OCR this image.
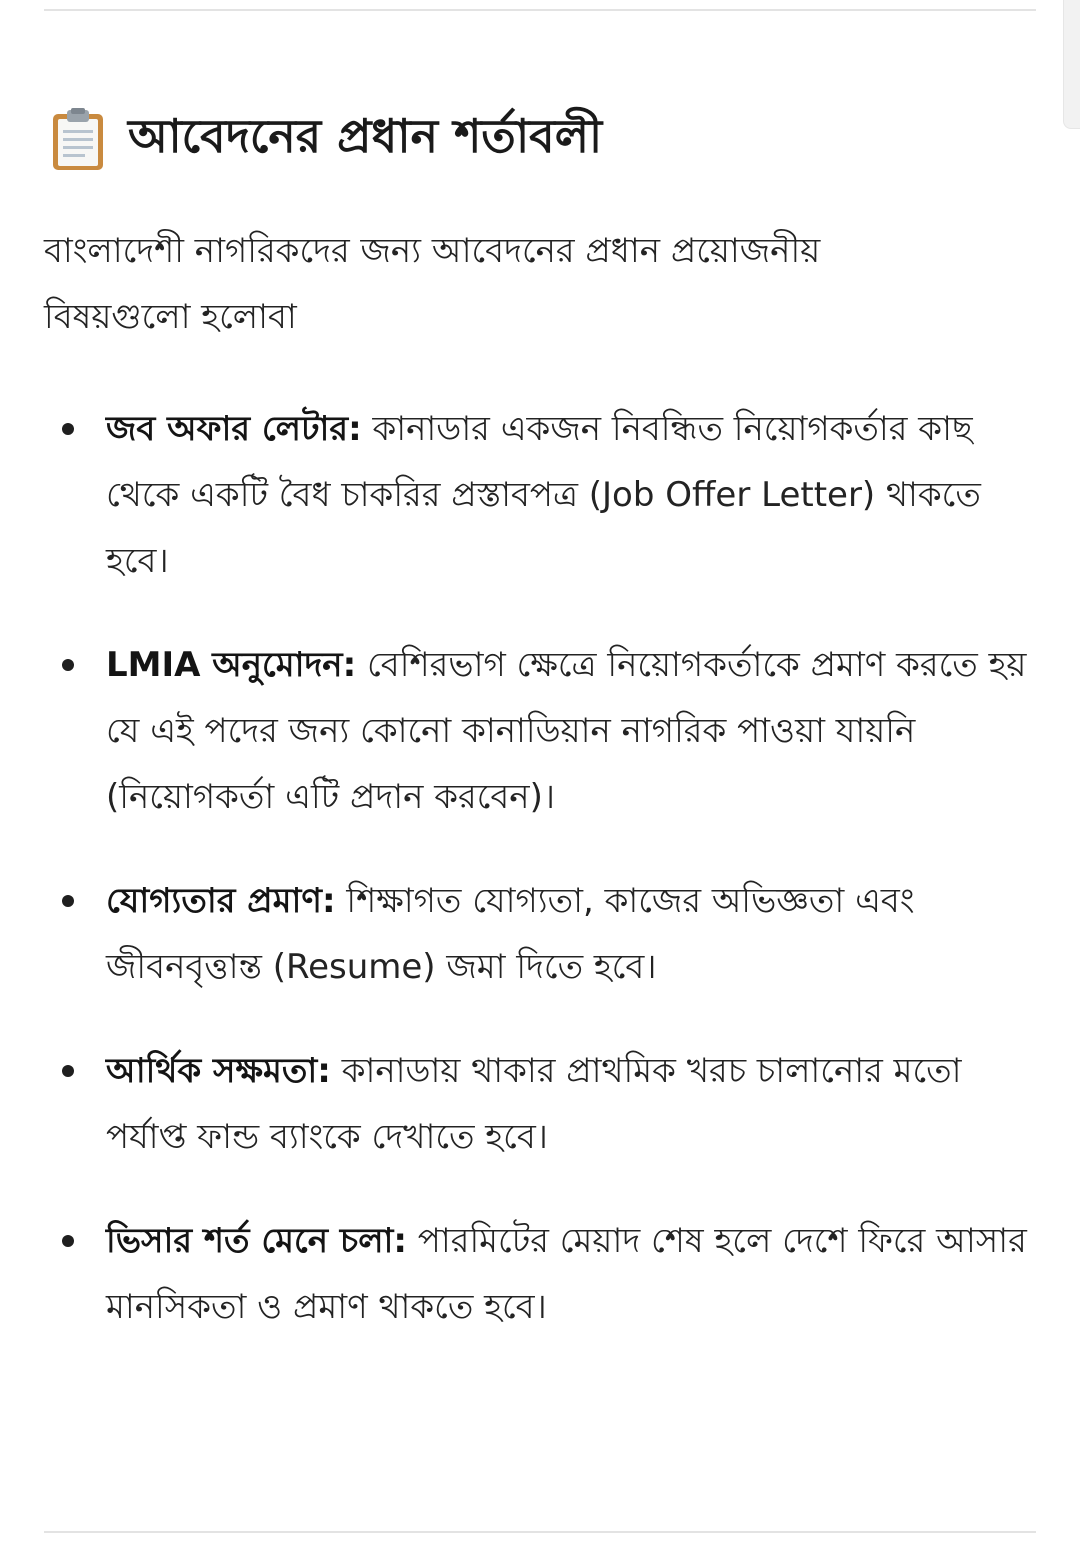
আবেদনের প্রধান শর্তাবলী

বাংলাদেশী নাগরিকদের জন্য আবেদনের প্রধান প্রয়োজনীয় বিষয়গুলো হলোবা

জব অফার লেটার: কানাডার একজন নিবন্ধিত নিয়োগকর্তার কাছ থেকে একটি বৈধ চাকরির প্রস্তাবপত্র (Job Offer Letter) থাকতে হবে।
LMIA অনুমোদন: বেশিরভাগ ক্ষেত্রে নিয়োগকর্তাকে প্রমাণ করতে হয় যে এই পদের জন্য কোনো কানাডিয়ান নাগরিক পাওয়া যায়নি (নিয়োগকর্তা এটি প্রদান করবেন)।
যোগ্যতার প্রমাণ: শিক্ষাগত যোগ্যতা, কাজের অভিজ্ঞতা এবং জীবনবৃত্তান্ত (Resume) জমা দিতে হবে।
আর্থিক সক্ষমতা: কানাডায় থাকার প্রাথমিক খরচ চালানোর মতো পর্যাপ্ত ফান্ড ব্যাংকে দেখাতে হবে।
ভিসার শর্ত মেনে চলা: পারমিটের মেয়াদ শেষ হলে দেশে ফিরে আসার মানসিকতা ও প্রমাণ থাকতে হবে।
